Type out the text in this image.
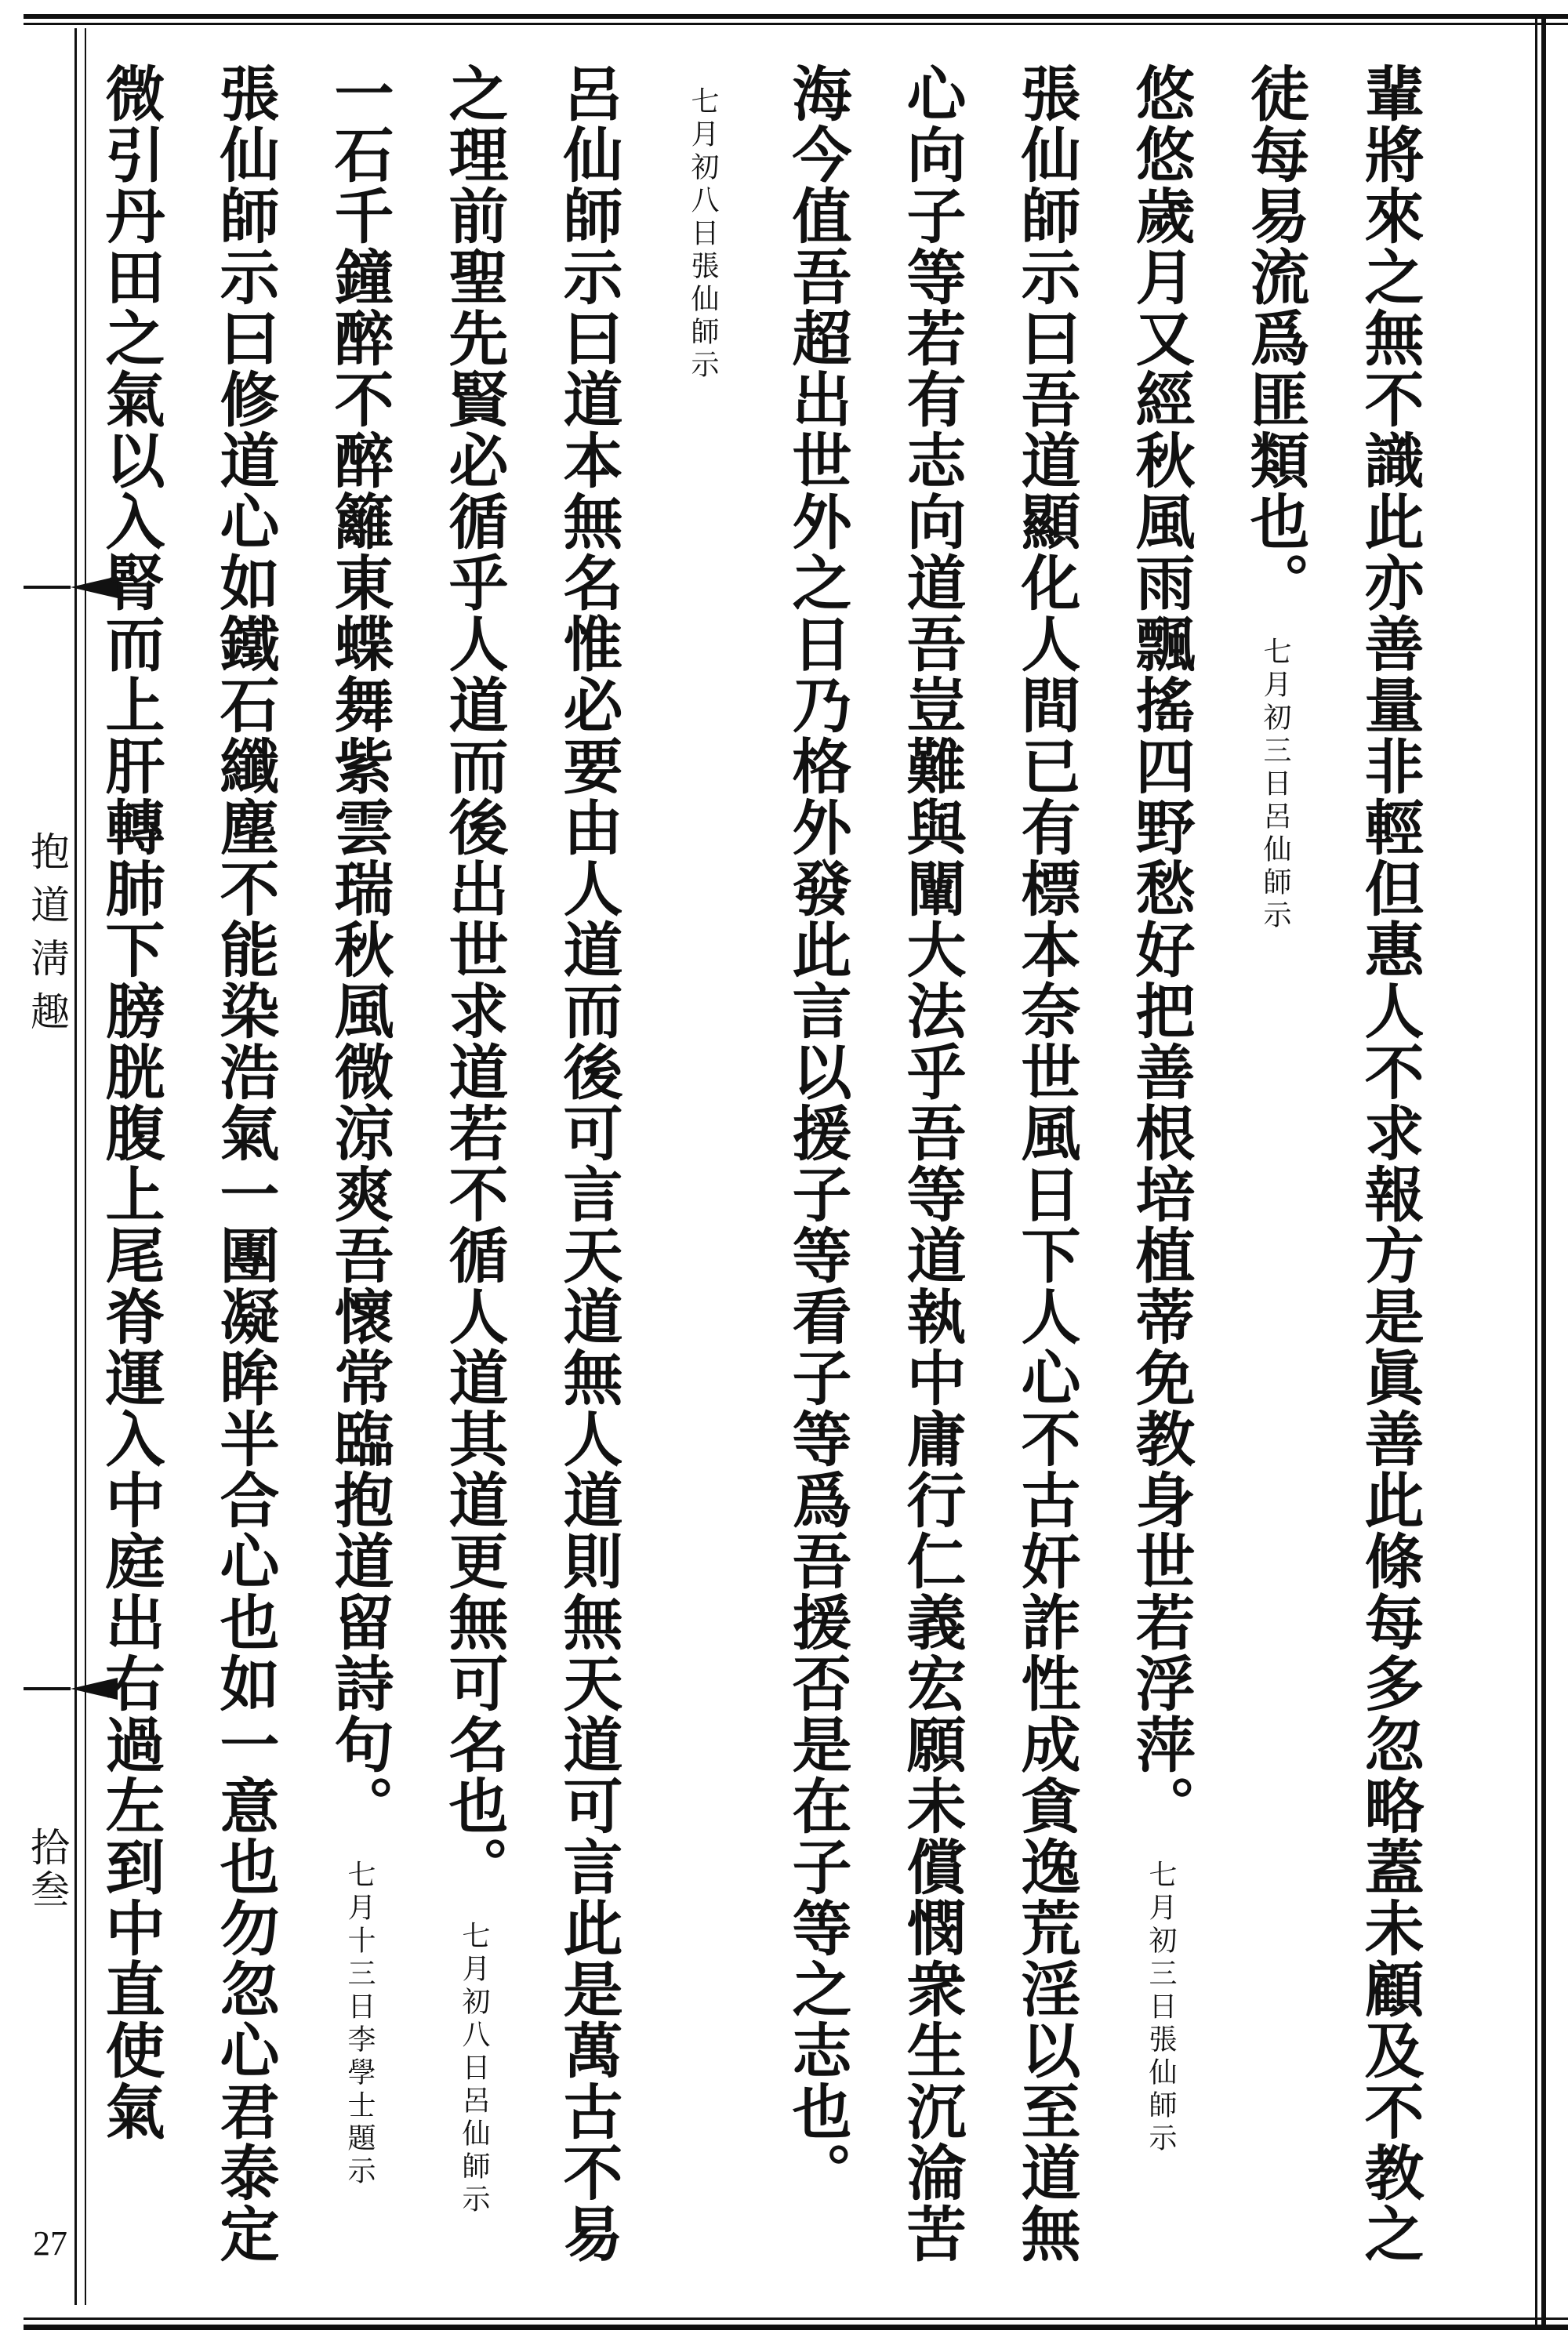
抱道淸趣
拾叁
27	輩將來之無不識此亦善量非輕但惠人不求報方是眞善此條每多忽略蓋未顧及不教之徒每易流爲匪類也。七月初三日呂仙師示
悠悠歲月又經秋風雨飄搖四野愁好把善根培植蒂免教身世若浮萍。七月初三日張仙師示
張仙師示曰吾道顯化人間已有標本奈世風日下人心不古奸詐性成貪逸荒淫以至道無心向子等若有志向道吾豈難與闡大法乎吾等道執中庸行仁義宏願未償憫衆生沉淪苦海今值吾超出世外之日乃格外發此言以援子等看子等爲吾援否是在子等之志也。七月初八日張仙師示
呂仙師示曰道本無名惟必要由人道而後可言天道無人道則無天道可言此是萬古不易之理前聖先賢必循乎人道而後出世求道若不循人道其道更無可名也。七月初八日呂仙師示
一石千鐘醉不醉籬東蝶舞紫雲瑞秋風微涼爽吾懷常臨抱道留詩句。七月十三日李學士題示
張仙師示曰修道心如鐵石纖塵不能染浩氣一團凝眸半合心也如一意也勿忽心君泰定微引丹田之氣以入腎而上肝轉肺下膀胱腹上尾脊運入中庭出右過左到中直使氣
